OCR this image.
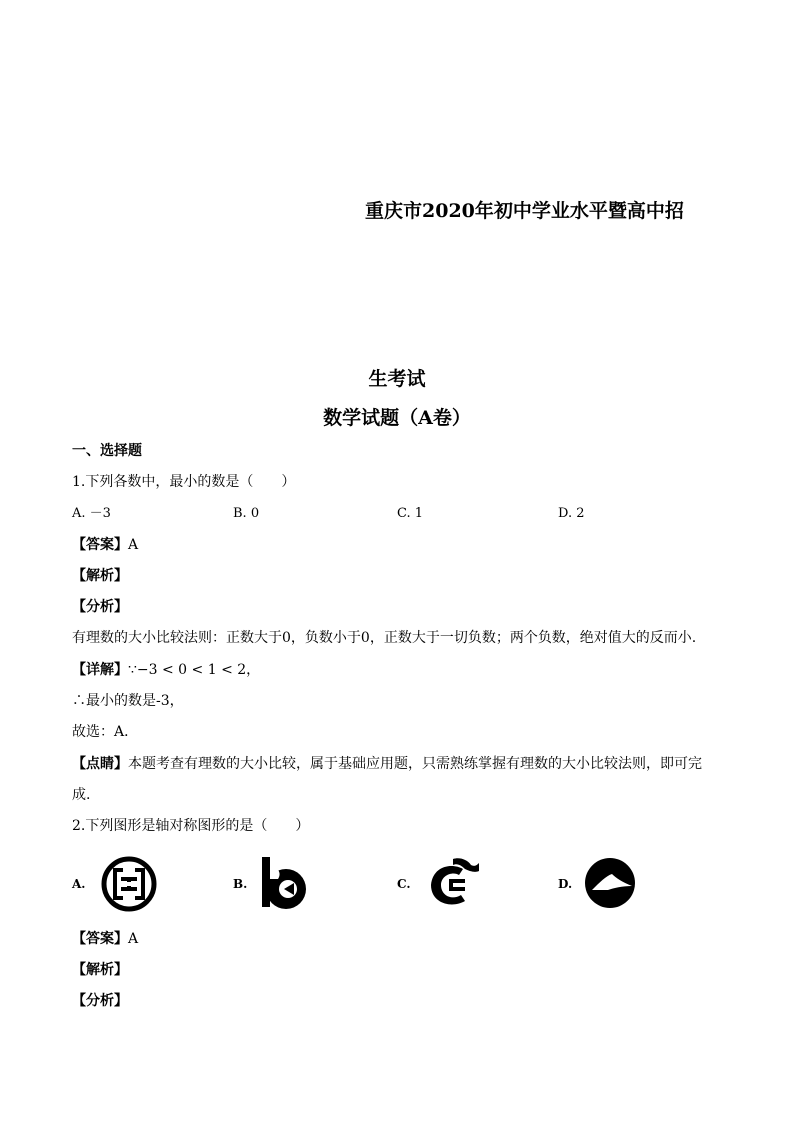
重庆市2020年初中学业水平暨高中招
生考试
数学试题（A卷）
一、选择题
1.下列各数中，最小的数是（　　）
A. －3	B. 0	C. 1	D. 2
【答案】A
【解析】
【分析】
有理数的大小比较法则：正数大于0，负数小于0，正数大于一切负数；两个负数，绝对值大的反而小.
【详解】∵−3 < 0 < 1 < 2，
∴最小的数是-3，
故选：A．
【点睛】本题考查有理数的大小比较，属于基础应用题，只需熟练掌握有理数的大小比较法则，即可完
成.
2.下列图形是轴对称图形的是（　　）
A.	B.	C.	D.
【答案】A
【解析】
【分析】
